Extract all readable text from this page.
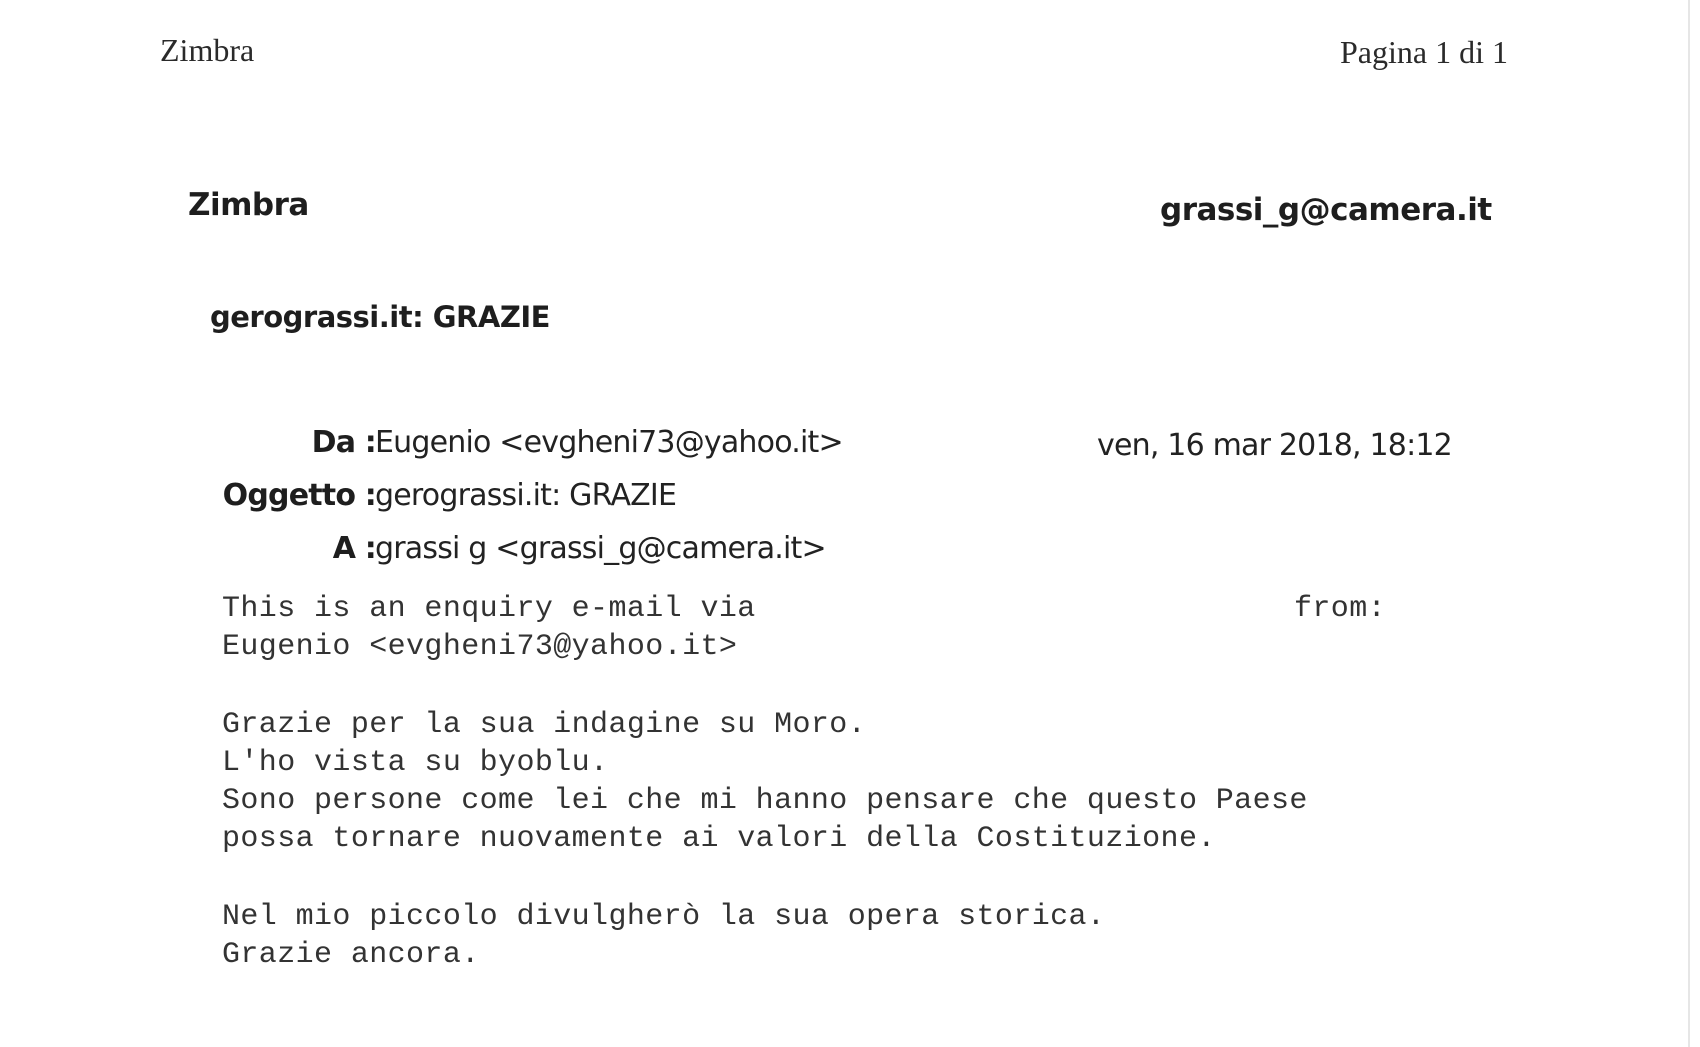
Zimbra	Pagina 1 di 1
Zimbra	grassi_g@camera.it
gerograssi.it: GRAZIE
Da : Eugenio <evgheni73@yahoo.it>	ven, 16 mar 2018, 18:12
Oggetto : gerograssi.it: GRAZIE
A : grassi g <grassi_g@camera.it>
This is an enquiry e-mail via	from:
Eugenio <evgheni73@yahoo.it>
Grazie per la sua indagine su Moro.
L'ho vista su byoblu.
Sono persone come lei che mi hanno pensare che questo Paese
possa tornare nuovamente ai valori della Costituzione.
Nel mio piccolo divulgherò la sua opera storica.
Grazie ancora.
